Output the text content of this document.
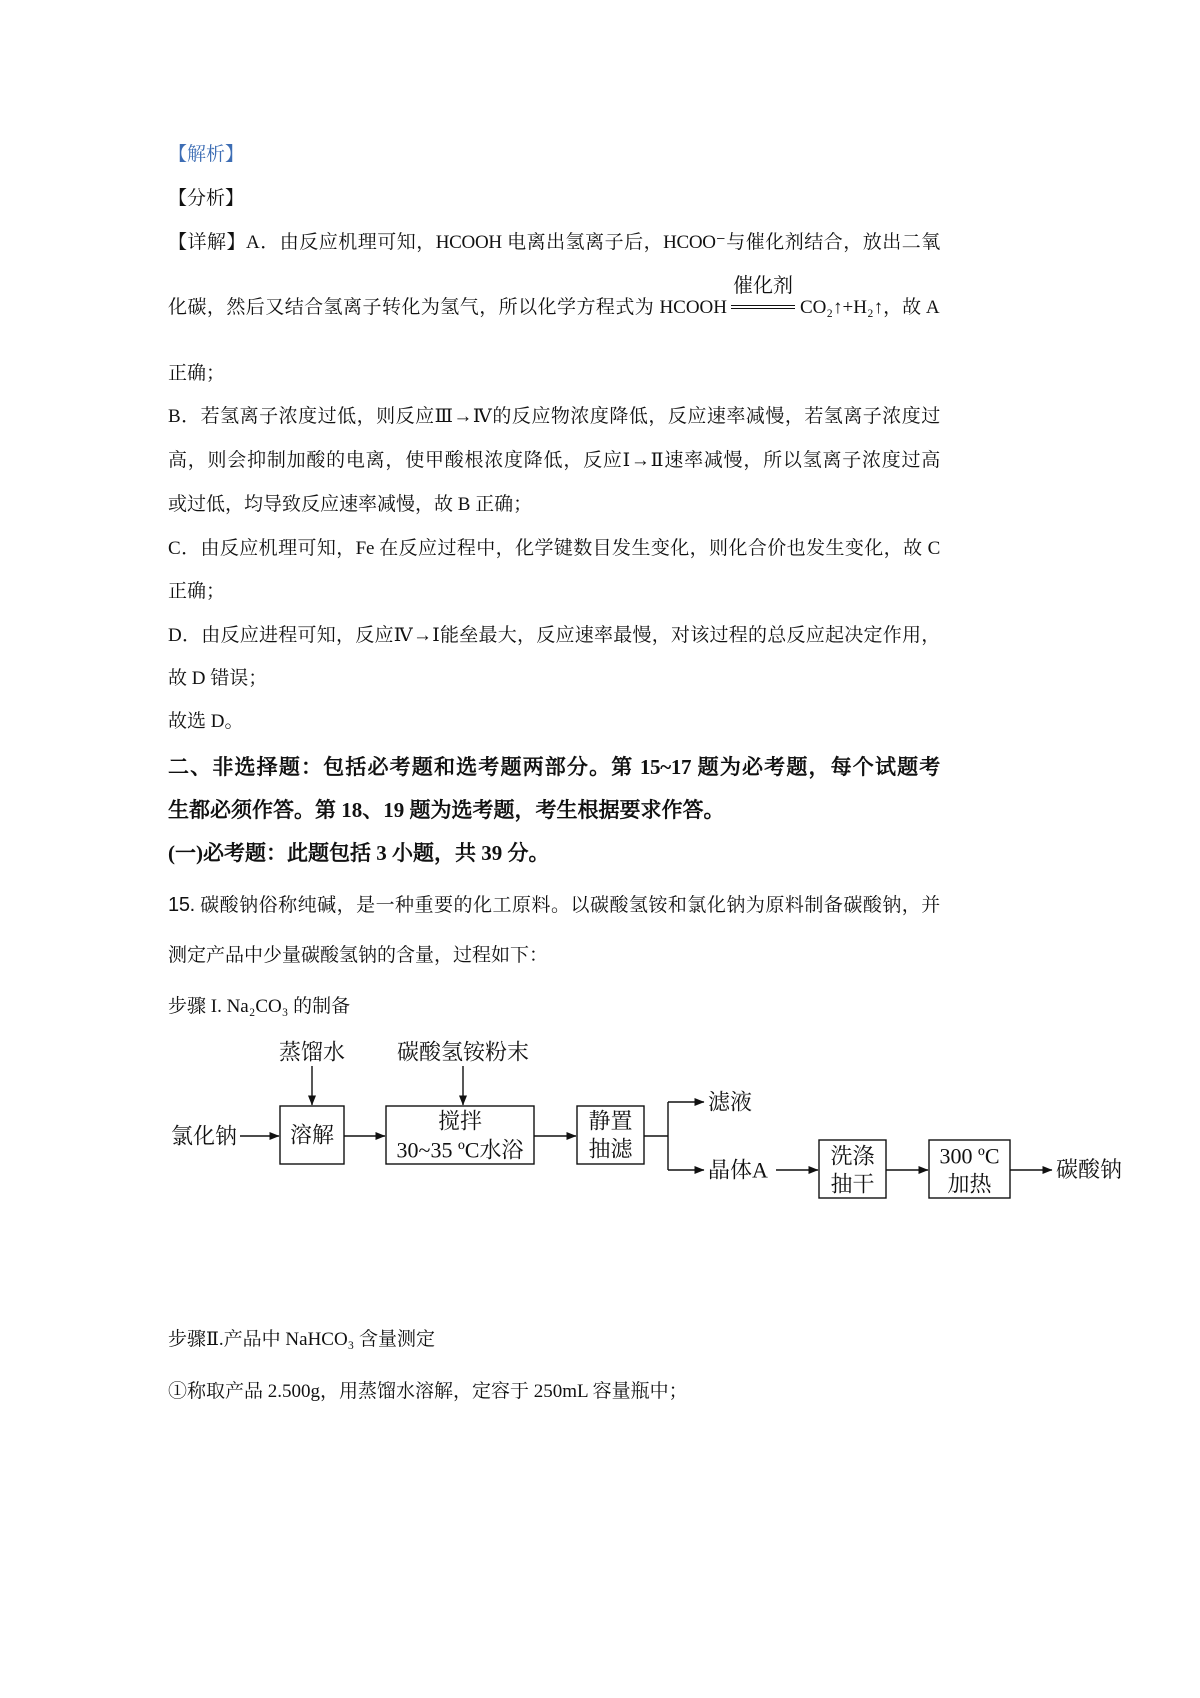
【解析】
【分析】
【详解】A．由反应机理可知，HCOOH 电离出氢离子后，HCOO⁻与催化剂结合，放出二氧
化碳，然后又结合氢离子转化为氢气，所以化学方程式为 HCOOH
催化剂
CO₂↑+H₂↑，故 A
正确；
B．若氢离子浓度过低，则反应Ⅲ→Ⅳ的反应物浓度降低，反应速率减慢，若氢离子浓度过
高，则会抑制加酸的电离，使甲酸根浓度降低，反应Ⅰ→Ⅱ速率减慢，所以氢离子浓度过高
或过低，均导致反应速率减慢，故 B 正确；
C．由反应机理可知，Fe 在反应过程中，化学键数目发生变化，则化合价也发生变化，故 C
正确；
D．由反应进程可知，反应Ⅳ→Ⅰ能垒最大，反应速率最慢，对该过程的总反应起决定作用，
故 D 错误；
故选 D。
二、非选择题：包括必考题和选考题两部分。第 15~17 题为必考题，每个试题考
生都必须作答。第 18、19 题为选考题，考生根据要求作答。
(一)必考题：此题包括 3 小题，共 39 分。
15. 碳酸钠俗称纯碱，是一种重要的化工原料。以碳酸氢铵和氯化钠为原料制备碳酸钠，并
测定产品中少量碳酸氢钠的含量，过程如下：
步骤 I. Na₂CO₃ 的制备
蒸馏水 碳酸氢铵粉末
氯化钠 溶解
搅拌
30~35 ºC水浴
静置
抽滤
滤液
晶体A
洗涤
抽干
300 ºC
加热
碳酸钠
步骤Ⅱ.产品中 NaHCO₃ 含量测定
①称取产品 2.500g，用蒸馏水溶解，定容于 250mL 容量瓶中；
